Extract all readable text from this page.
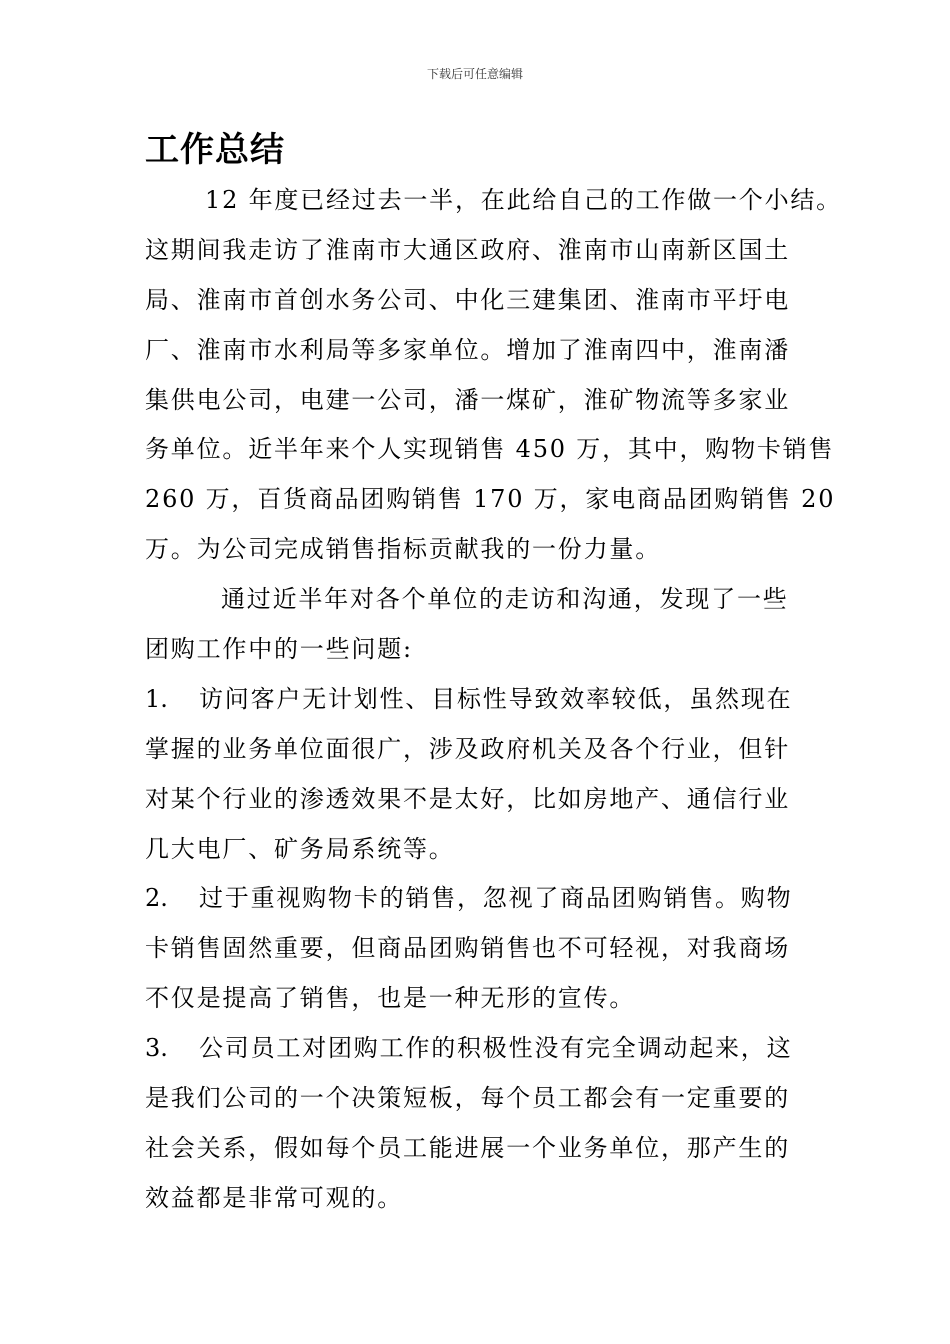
下载后可任意编辑
工作总结
12 年度已经过去一半，在此给自己的工作做一个小结。
这期间我走访了淮南市大通区政府、淮南市山南新区国土
局、淮南市首创水务公司、中化三建集团、淮南市平圩电
厂、淮南市水利局等多家单位。增加了淮南四中，淮南潘
集供电公司，电建一公司，潘一煤矿，淮矿物流等多家业
务单位。近半年来个人实现销售 450 万，其中，购物卡销售
260 万，百货商品团购销售 170 万，家电商品团购销售 20
万。为公司完成销售指标贡献我的一份力量。
通过近半年对各个单位的走访和沟通，发现了一些
团购工作中的一些问题:
1. 访问客户无计划性、目标性导致效率较低，虽然现在
掌握的业务单位面很广，涉及政府机关及各个行业，但针
对某个行业的渗透效果不是太好，比如房地产、通信行业
几大电厂、矿务局系统等。
2. 过于重视购物卡的销售，忽视了商品团购销售。购物
卡销售固然重要，但商品团购销售也不可轻视，对我商场
不仅是提高了销售，也是一种无形的宣传。
3. 公司员工对团购工作的积极性没有完全调动起来，这
是我们公司的一个决策短板，每个员工都会有一定重要的
社会关系，假如每个员工能进展一个业务单位，那产生的
效益都是非常可观的。
